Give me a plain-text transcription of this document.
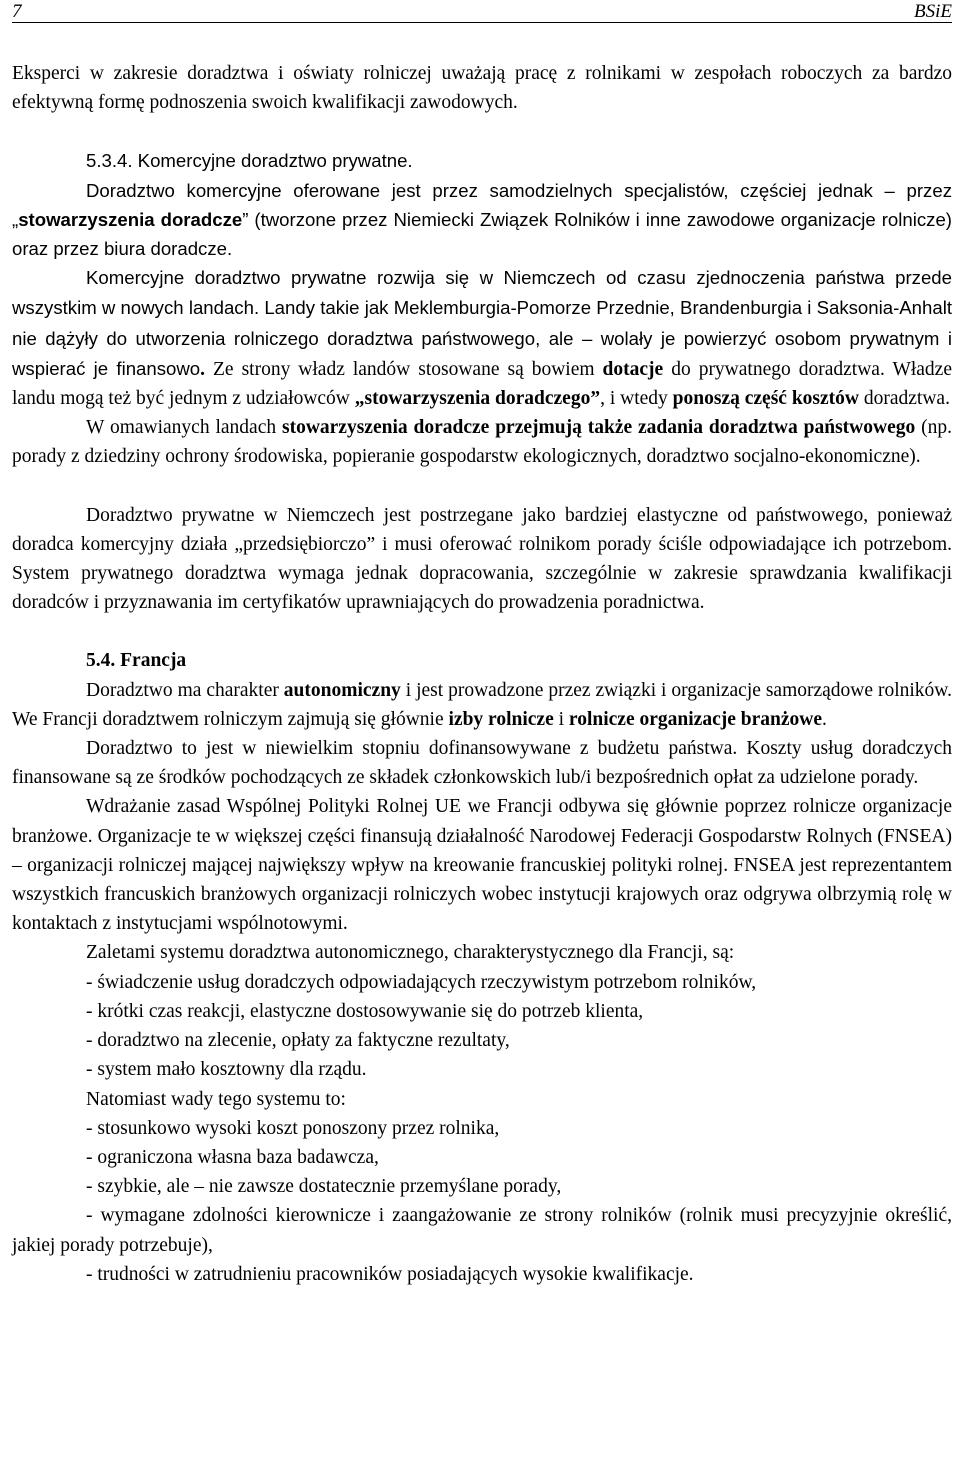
7	BSiE

Eksperci w zakresie doradztwa i oświaty rolniczej uważają pracę z rolnikami w zespołach roboczych za bardzo efektywną formę podnoszenia swoich kwalifikacji zawodowych.

5.3.4. Komercyjne doradztwo prywatne.

Doradztwo komercyjne oferowane jest przez samodzielnych specjalistów, częściej jednak – przez „stowarzyszenia doradcze” (tworzone przez Niemiecki Związek Rolników i inne zawodowe organizacje rolnicze) oraz przez biura doradcze.

Komercyjne doradztwo prywatne rozwija się w Niemczech od czasu zjednoczenia państwa przede wszystkim w nowych landach. Landy takie jak Meklemburgia-Pomorze Przednie, Brandenburgia i Saksonia-Anhalt nie dążyły do utworzenia rolniczego doradztwa państwowego, ale – wolały je powierzyć osobom prywatnym i wspierać je finansowo. Ze strony władz landów stosowane są bowiem dotacje do prywatnego doradztwa. Władze landu mogą też być jednym z udziałowców „stowarzyszenia doradczego”, i wtedy ponoszą część kosztów doradztwa.

W omawianych landach stowarzyszenia doradcze przejmują także zadania doradztwa państwowego (np. porady z dziedziny ochrony środowiska, popieranie gospodarstw ekologicznych, doradztwo socjalno-ekonomiczne).

Doradztwo prywatne w Niemczech jest postrzegane jako bardziej elastyczne od państwowego, ponieważ doradca komercyjny działa „przedsiębiorczo” i musi oferować rolnikom porady ściśle odpowiadające ich potrzebom. System prywatnego doradztwa wymaga jednak dopracowania, szczególnie w zakresie sprawdzania kwalifikacji doradców i przyznawania im certyfikatów uprawniających do prowadzenia poradnictwa.

5.4. Francja

Doradztwo ma charakter autonomiczny i jest prowadzone przez związki i organizacje samorządowe rolników. We Francji doradztwem rolniczym zajmują się głównie izby rolnicze i rolnicze organizacje branżowe.

Doradztwo to jest w niewielkim stopniu dofinansowywane z budżetu państwa. Koszty usług doradczych finansowane są ze środków pochodzących ze składek członkowskich lub/i bezpośrednich opłat za udzielone porady.

Wdrażanie zasad Wspólnej Polityki Rolnej UE we Francji odbywa się głównie poprzez rolnicze organizacje branżowe. Organizacje te w większej części finansują działalność Narodowej Federacji Gospodarstw Rolnych (FNSEA) – organizacji rolniczej mającej największy wpływ na kreowanie francuskiej polityki rolnej. FNSEA jest reprezentantem wszystkich francuskich branżowych organizacji rolniczych wobec instytucji krajowych oraz odgrywa olbrzymią rolę w kontaktach z instytucjami wspólnotowymi.

Zaletami systemu doradztwa autonomicznego, charakterystycznego dla Francji, są:

- świadczenie usług doradczych odpowiadających rzeczywistym potrzebom rolników,

- krótki czas reakcji, elastyczne dostosowywanie się do potrzeb klienta,

- doradztwo na zlecenie, opłaty za faktyczne rezultaty,

- system mało kosztowny dla rządu.

Natomiast wady tego systemu to:

- stosunkowo wysoki koszt ponoszony przez rolnika,

- ograniczona własna baza badawcza,

- szybkie, ale – nie zawsze dostatecznie przemyślane porady,

- wymagane zdolności kierownicze i zaangażowanie ze strony rolników (rolnik musi precyzyjnie określić, jakiej porady potrzebuje),

- trudności w zatrudnieniu pracowników posiadających wysokie kwalifikacje.
